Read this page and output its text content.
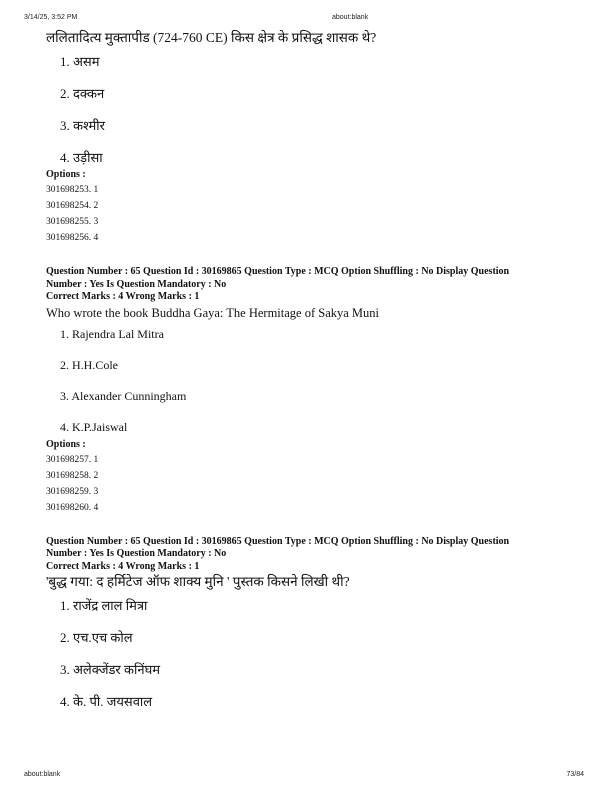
3/14/25, 3:52 PM	about:blank
ललितादित्य मुक्तापीड (724-760 CE) किस क्षेत्र के प्रसिद्ध शासक थे?
1. असम
2. दक्कन
3. कश्मीर
4. उड़ीसा
Options :
301698253. 1
301698254. 2
301698255. 3
301698256. 4
Question Number : 65 Question Id : 30169865 Question Type : MCQ Option Shuffling : No Display Question
Number : Yes Is Question Mandatory : No
Correct Marks : 4 Wrong Marks : 1
Who wrote the book Buddha Gaya: The Hermitage of Sakya Muni
1. Rajendra Lal Mitra
2. H.H.Cole
3. Alexander Cunningham
4. K.P.Jaiswal
Options :
301698257. 1
301698258. 2
301698259. 3
301698260. 4
Question Number : 65 Question Id : 30169865 Question Type : MCQ Option Shuffling : No Display Question
Number : Yes Is Question Mandatory : No
Correct Marks : 4 Wrong Marks : 1
'बुद्ध गया: द हर्मिटेज ऑफ शाक्य मुनि ' पुस्तक किसने लिखी थी?
1. राजेंद्र लाल मित्रा
2. एच.एच कोल
3. अलेक्जेंडर कनिंघम
4. के. पी. जयसवाल
about:blank	73/84
